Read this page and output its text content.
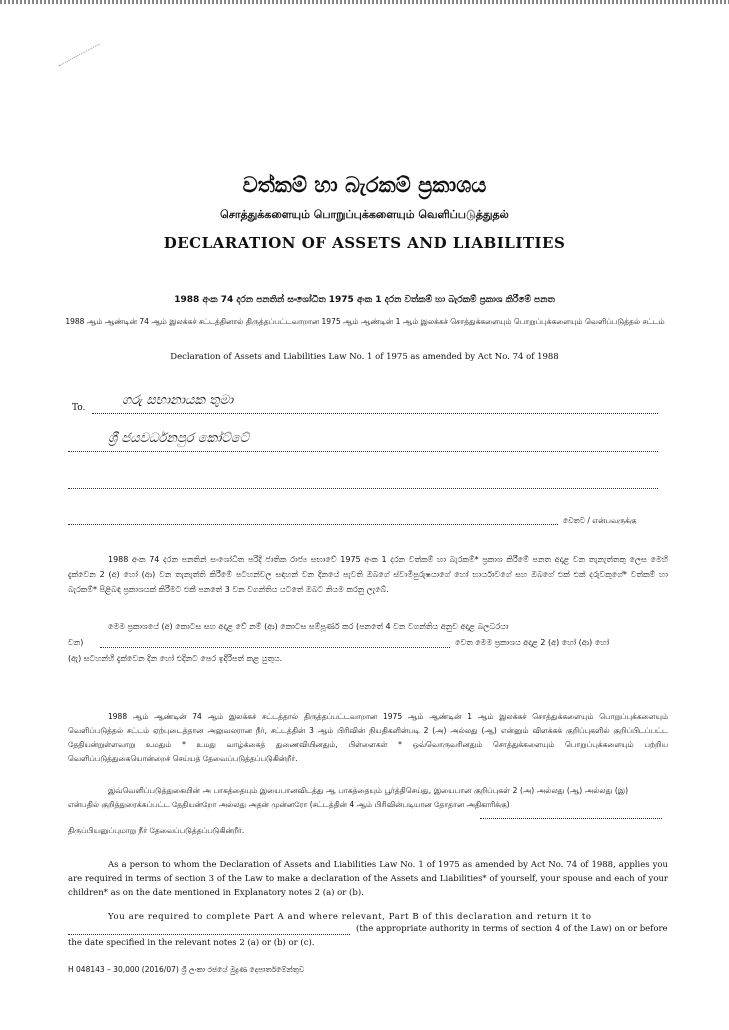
වත්කම් හා බැරකම් ප්‍රකාශය
சொத்துக்களையும் பொறுப்புக்களையும் வெளிப்படுத்துதல்
DECLARATION OF ASSETS AND LIABILITIES
1988 අංක 74 දරන පනතින් සංශෝධිත 1975 අංක 1 දරන වත්කම් හා බැරකම් ප්‍රකාශ කිරීමේ පනත
1988 ஆம் ஆண்டின் 74 ஆம் இலக்கச் சட்டத்தினால் திருத்தப்பட்டவாறான 1975 ஆம் ஆண்டின் 1 ஆம் இலக்கச் சொத்துக்களையும் பொறுப்புக்களையும் வெளிப்படுத்தல் சட்டம்
Declaration of Assets and Liabilities Law No. 1 of 1975 as amended by Act No. 74 of 1988
To.	ගරු සභානායක තුමා
ශ්‍රී ජයවර්ධනපුර කෝට්ටේ
වෙතට / என்பவருக்கு
1988 අංක 74 දරන පනතින් සංශෝධිත පරිදි ජාතික රාජ්‍ය සභාවේ 1975 අංක 1 දරන වත්කම් හා බැරකම්* ප්‍රකාශ කිරීමේ පනත අදාළ වන තැනැත්තකු ලෙස මෙහි දැක්වෙන 2 (අ) හෝ (ආ) වන තැනැත්ති කිරීමේ පටහන්වල සඳහන් වන දිනයේ පැවති ඔබගේ ස්වාමිපුරුෂයාගේ හෝ භාර්යාවගේ සහ ඔබගේ එක් එක් දරුවකුගේ* වත්කම් හා බැරකම්* පිළිබඳ ප්‍රකාශයක් කිරීමට එකී පනතේ 3 වන වගන්තිය යටතේ ඔබට නියම කරනු ලැබේ.
මෙම ප්‍රකාශයේ (අ) කොටස සහ අදාළ වේ නම් (ආ) කොටස සම්පූර්ණ කර (පනතේ 4 වන වගන්තිය අනුව අදාළ බලධරයා
වන)	වෙත මෙම ප්‍රකාශය අදාළ 2 (අ) හෝ (ආ) හෝ
(ඇ) සටහන්හි දැක්වෙන දින හෝ එදිනට පෙර ඉදිරිපත් කළ යුතුය.
1988 ஆம் ஆண்டின் 74 ஆம் இலக்கச் சட்டத்தால் திருத்தப்பட்டவாறான 1975 ஆம் ஆண்டின் 1 ஆம் இலக்கச் சொத்துக்களையும் பொறுப்புக்களையும் வெளிப்படுத்தல் சட்டம் ஏற்புடைத்தான அலுவலரான நீர், சட்டத்தின் 3 ஆம் பிரிவின் நியதிகளின்படி 2 (அ) அல்லது (ஆ) என்னும் விளக்கக் குறிப்புகளில் குறிப்பிடப்பட்ட தேதியன்றுள்ளவாறு உமதும் * உமது வாழ்க்கைத் துணைவியினதும், பிள்ளைகள் * ஒவ்வொருவரினதும் சொத்துக்களையும் பொறுப்புக்களையும் பற்றிய வெளிப்படுத்துகையொன்றைச் செய்யத் தேவைப்படுத்தப்படுகின்றீர்.
இவ்வெளிப்படுத்துகையின் அ பாகத்தையும் இயைபானவிடத்து ஆ பாகத்தையும் பூர்த்திசெய்து, இயைபான குறிப்புகள் 2 (அ) அல்லது (ஆ) அல்லது (இ) என்பதில் குறித்துரைக்கப்பட்ட தேதியன்றோ அல்லது அதன் முன்னரோ (சட்டத்தின் 4 ஆம் பிரிவின்படியான தோதான அதிகாரிக்கு)
திருப்பியனுப்புமாறு நீர் தேவைப்படுத்தப்படுகின்றீர்.
As a person to whom the Declaration of Assets and Liabilities Law No. 1 of 1975 as amended by Act No. 74 of 1988, applies you are required in terms of section 3 of the Law to make a declaration of the Assets and Liabilities* of yourself, your spouse and each of your children* as on the date mentioned in Explanatory notes 2 (a) or (b).
You are required to complete Part A and where relevant, Part B of this declaration and return it to
(the appropriate authority in terms of section 4 of the Law) on or before
the date specified in the relevant notes 2 (a) or (b) or (c).
H 048143 – 30,000 (2016/07) ශ්‍රී ලංකා රජයේ මුද්‍රණ දෙපාර්තමේන්තුව
